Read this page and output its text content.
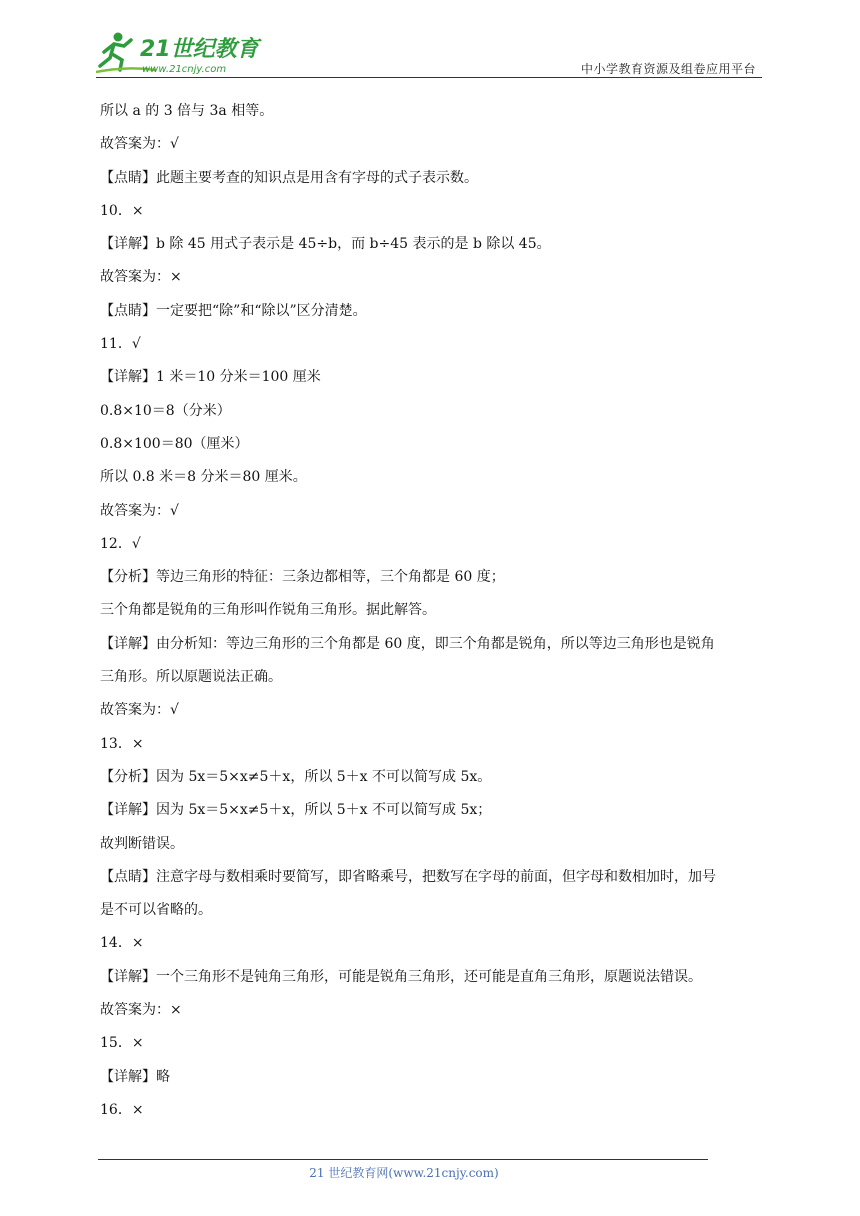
21世纪教育
www.21cnjy.com	中小学教育资源及组卷应用平台

所以 a 的 3 倍与 3a 相等。

故答案为：√

【点睛】此题主要考查的知识点是用含有字母的式子表示数。

10．×

【详解】b 除 45 用式子表示是 45÷b，而 b÷45 表示的是 b 除以 45。

故答案为：×

【点睛】一定要把“除”和“除以”区分清楚。

11．√

【详解】1 米＝10 分米＝100 厘米

0.8×10＝8（分米）

0.8×100＝80（厘米）

所以 0.8 米＝8 分米＝80 厘米。

故答案为：√

12．√

【分析】等边三角形的特征：三条边都相等，三个角都是 60 度；

三个角都是锐角的三角形叫作锐角三角形。据此解答。

【详解】由分析知：等边三角形的三个角都是 60 度，即三个角都是锐角，所以等边三角形也是锐角

三角形。所以原题说法正确。

故答案为：√

13．×

【分析】因为 5x＝5×x≠5＋x，所以 5＋x 不可以简写成 5x。

【详解】因为 5x＝5×x≠5＋x，所以 5＋x 不可以简写成 5x；

故判断错误。

【点睛】注意字母与数相乘时要简写，即省略乘号，把数写在字母的前面，但字母和数相加时，加号

是不可以省略的。

14．×

【详解】一个三角形不是钝角三角形，可能是锐角三角形，还可能是直角三角形，原题说法错误。

故答案为：×

15．×

【详解】略

16．×

21 世纪教育网(www.21cnjy.com)
